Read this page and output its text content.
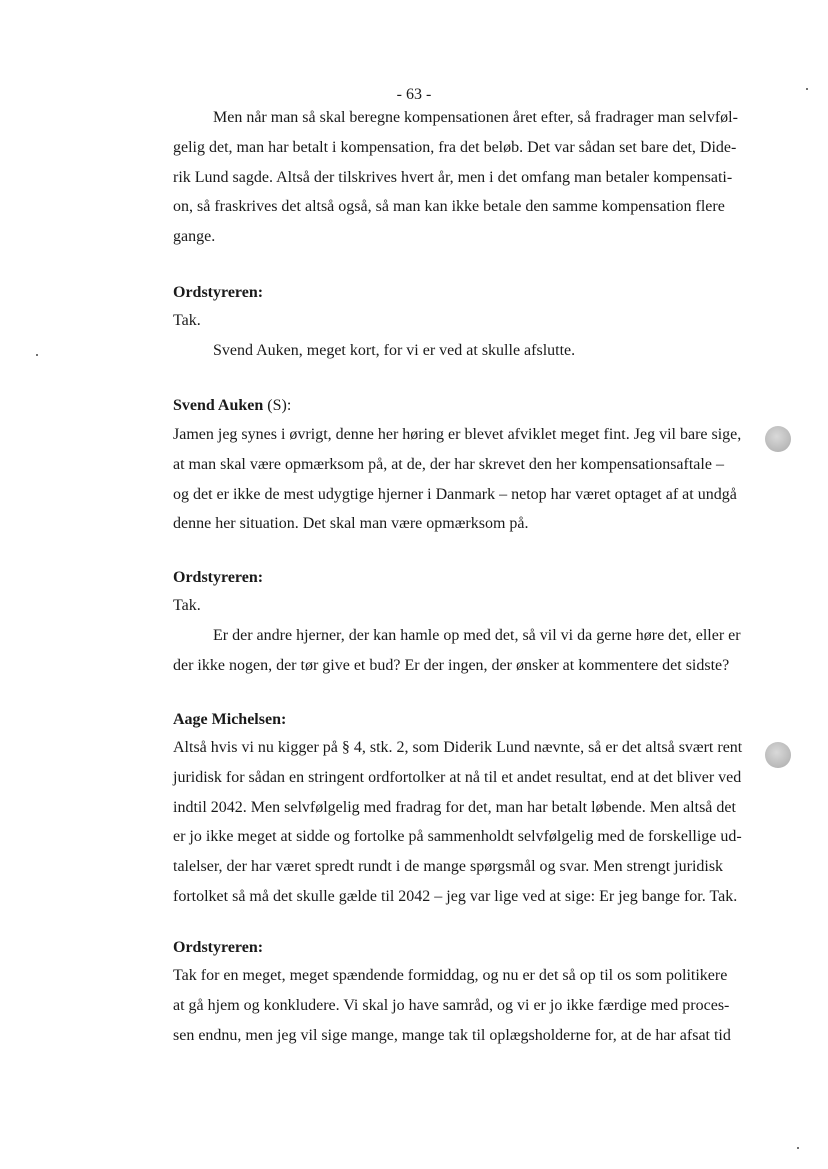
- 63 -
Men når man så skal beregne kompensationen året efter, så fradrager man selvføl-
gelig det, man har betalt i kompensation, fra det beløb. Det var sådan set bare det, Dide-
rik Lund sagde. Altså der tilskrives hvert år, men i det omfang man betaler kompensati-
on, så fraskrives det altså også, så man kan ikke betale den samme kompensation flere
gange.
Ordstyreren:
Tak.
Svend Auken, meget kort, for vi er ved at skulle afslutte.
Svend Auken (S):
Jamen jeg synes i øvrigt, denne her høring er blevet afviklet meget fint. Jeg vil bare sige,
at man skal være opmærksom på, at de, der har skrevet den her kompensationsaftale –
og det er ikke de mest udygtige hjerner i Danmark – netop har været optaget af at undgå
denne her situation. Det skal man være opmærksom på.
Ordstyreren:
Tak.
Er der andre hjerner, der kan hamle op med det, så vil vi da gerne høre det, eller er
der ikke nogen, der tør give et bud? Er der ingen, der ønsker at kommentere det sidste?
Aage Michelsen:
Altså hvis vi nu kigger på § 4, stk. 2, som Diderik Lund nævnte, så er det altså svært rent
juridisk for sådan en stringent ordfortolker at nå til et andet resultat, end at det bliver ved
indtil 2042. Men selvfølgelig med fradrag for det, man har betalt løbende. Men altså det
er jo ikke meget at sidde og fortolke på sammenholdt selvfølgelig med de forskellige ud-
talelser, der har været spredt rundt i de mange spørgsmål og svar. Men strengt juridisk
fortolket så må det skulle gælde til 2042 – jeg var lige ved at sige: Er jeg bange for. Tak.
Ordstyreren:
Tak for en meget, meget spændende formiddag, og nu er det så op til os som politikere
at gå hjem og konkludere. Vi skal jo have samråd, og vi er jo ikke færdige med proces-
sen endnu, men jeg vil sige mange, mange tak til oplægsholderne for, at de har afsat tid
